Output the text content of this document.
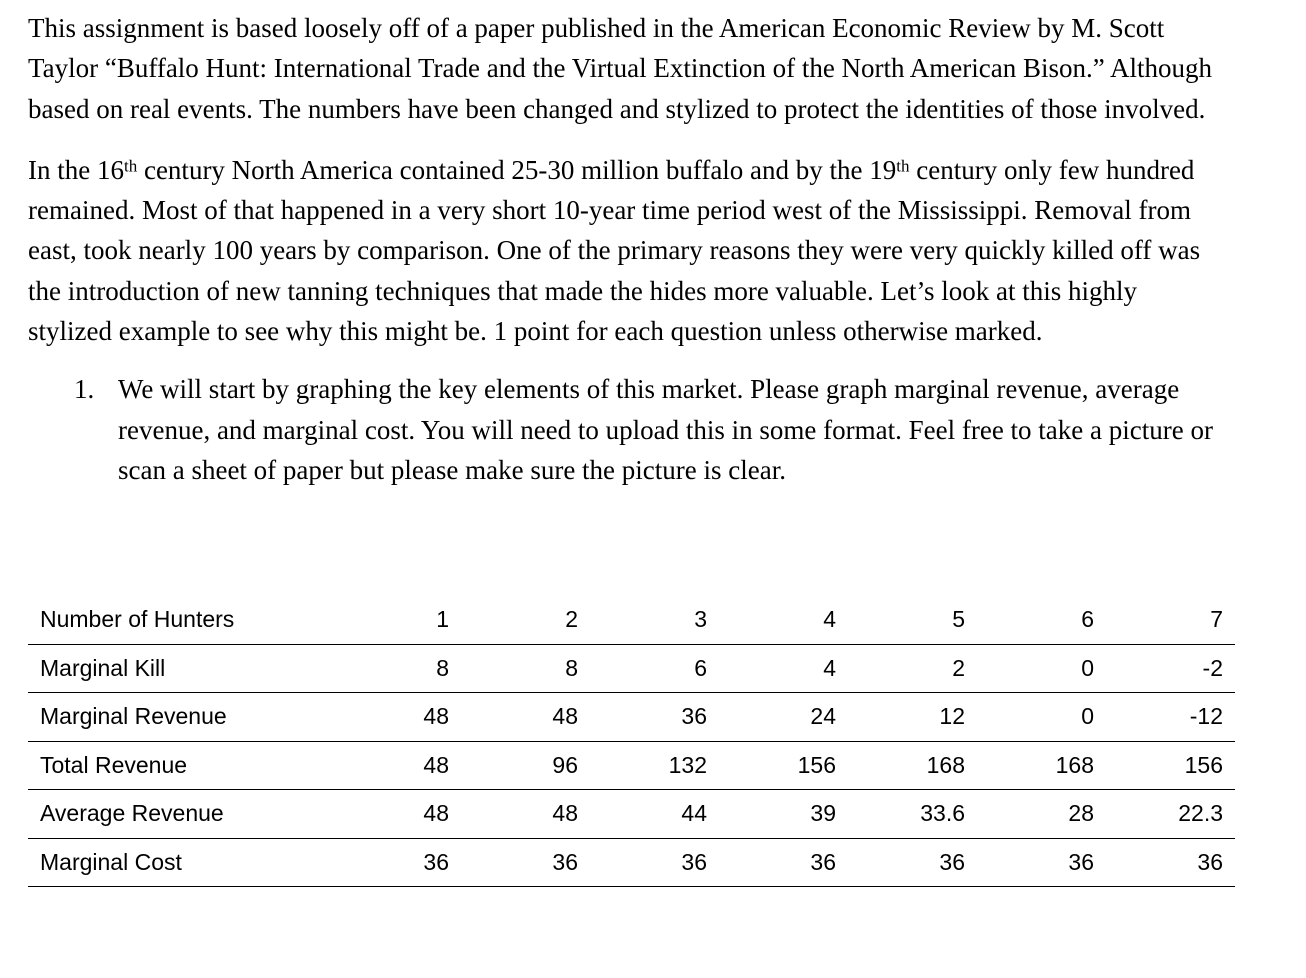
This assignment is based loosely off of a paper published in the American Economic Review by M. Scott Taylor “Buffalo Hunt: International Trade and the Virtual Extinction of the North American Bison.” Although based on real events. The numbers have been changed and stylized to protect the identities of those involved.

In the 16th century North America contained 25-30 million buffalo and by the 19th century only few hundred remained. Most of that happened in a very short 10-year time period west of the Mississippi. Removal from east, took nearly 100 years by comparison. One of the primary reasons they were very quickly killed off was the introduction of new tanning techniques that made the hides more valuable. Let’s look at this highly stylized example to see why this might be. 1 point for each question unless otherwise marked.

1. We will start by graphing the key elements of this market. Please graph marginal revenue, average revenue, and marginal cost. You will need to upload this in some format. Feel free to take a picture or scan a sheet of paper but please make sure the picture is clear.
Number of Hunters	1	2	3	4	5	6	7
Marginal Kill	8	8	6	4	2	0	-2
Marginal Revenue	48	48	36	24	12	0	-12
Total Revenue	48	96	132	156	168	168	156
Average Revenue	48	48	44	39	33.6	28	22.3
Marginal Cost	36	36	36	36	36	36	36
